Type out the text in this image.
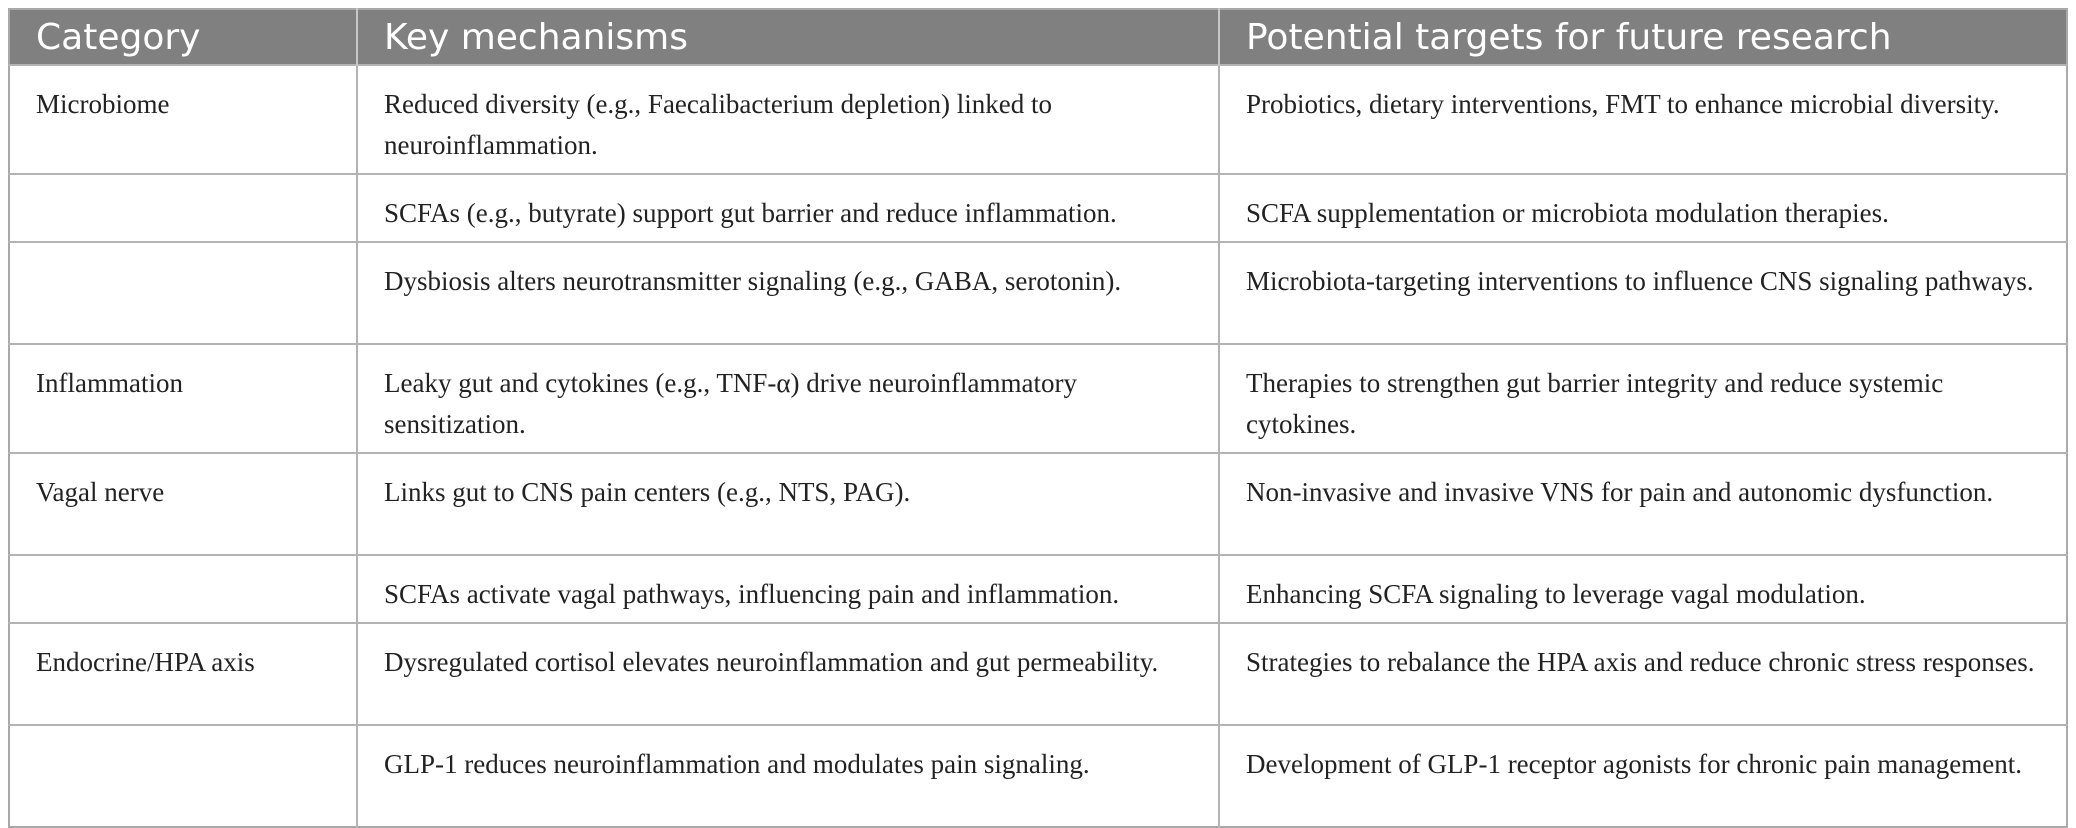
Category	Key mechanisms	Potential targets for future research
Microbiome	Reduced diversity (e.g., Faecalibacterium depletion) linked to neuroinflammation.	Probiotics, dietary interventions, FMT to enhance microbial diversity.
	SCFAs (e.g., butyrate) support gut barrier and reduce inflammation.	SCFA supplementation or microbiota modulation therapies.
	Dysbiosis alters neurotransmitter signaling (e.g., GABA, serotonin).	Microbiota-targeting interventions to influence CNS signaling pathways.
Inflammation	Leaky gut and cytokines (e.g., TNF-α) drive neuroinflammatory sensitization.	Therapies to strengthen gut barrier integrity and reduce systemic cytokines.
Vagal nerve	Links gut to CNS pain centers (e.g., NTS, PAG).	Non-invasive and invasive VNS for pain and autonomic dysfunction.
	SCFAs activate vagal pathways, influencing pain and inflammation.	Enhancing SCFA signaling to leverage vagal modulation.
Endocrine/HPA axis	Dysregulated cortisol elevates neuroinflammation and gut permeability.	Strategies to rebalance the HPA axis and reduce chronic stress responses.
	GLP-1 reduces neuroinflammation and modulates pain signaling.	Development of GLP-1 receptor agonists for chronic pain management.
